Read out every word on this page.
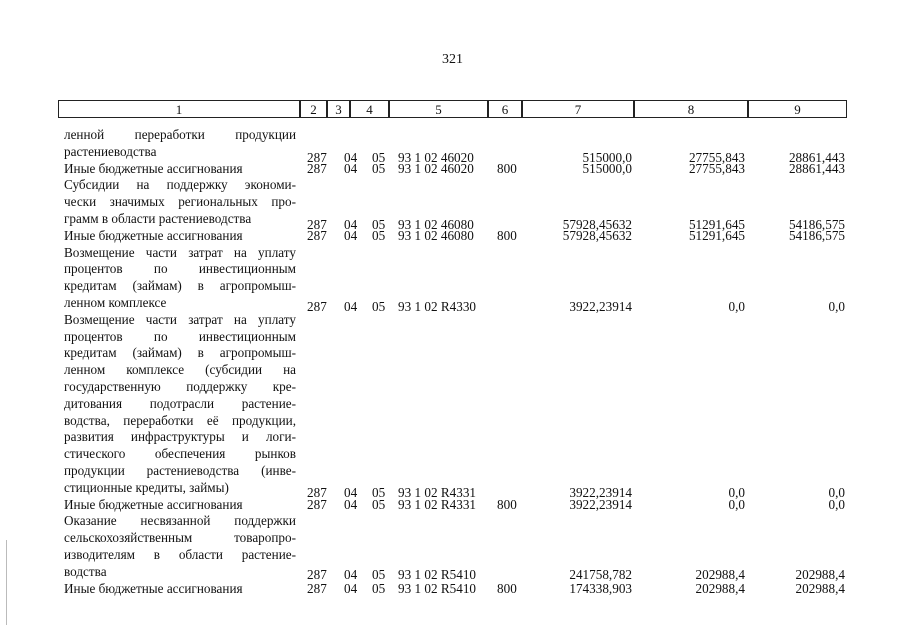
321
1	2	3	4	5	6	7	8	9
ленной переработки продукции
растениеводства	287 04 05 93 1 02 46020	515000,0	27755,843	28861,443
Иные бюджетные ассигнования	287 04 05 93 1 02 46020 800	515000,0	27755,843	28861,443
Субсидии на поддержку экономи-
чески значимых региональных про-
грамм в области растениеводства	287 04 05 93 1 02 46080	57928,45632	51291,645	54186,575
Иные бюджетные ассигнования	287 04 05 93 1 02 46080 800	57928,45632	51291,645	54186,575
Возмещение части затрат на уплату
процентов по инвестиционным
кредитам (займам) в агропромыш-
ленном комплексе	287 04 05 93 1 02 R4330	3922,23914	0,0	0,0
Возмещение части затрат на уплату
процентов по инвестиционным
кредитам (займам) в агропромыш-
ленном комплексе (субсидии на
государственную поддержку кре-
дитования подотрасли растение-
водства, переработки её продукции,
развития инфраструктуры и логи-
стического обеспечения рынков
продукции растениеводства (инве-
стиционные кредиты, займы)	287 04 05 93 1 02 R4331	3922,23914	0,0	0,0
Иные бюджетные ассигнования	287 04 05 93 1 02 R4331 800	3922,23914	0,0	0,0
Оказание несвязанной поддержки
сельскохозяйственным товаропро-
изводителям в области растение-
водства	287 04 05 93 1 02 R5410	241758,782	202988,4	202988,4
Иные бюджетные ассигнования	287 04 05 93 1 02 R5410 800	174338,903	202988,4	202988,4
